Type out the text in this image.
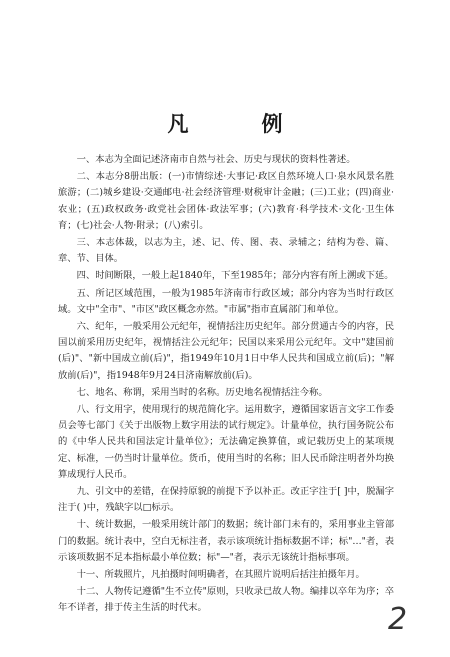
凡　例

一、本志为全面记述济南市自然与社会、历史与现状的资料性著述。

二、本志分8册出版：(一)市情综述·大事记·政区自然环境人口·泉水风景名胜旅游；(二)城乡建设·交通邮电·社会经济管理·财税审计金融；(三)工业；(四)商业·农业；(五)政权政务·政党社会团体·政法军事；(六)教育·科学技术·文化·卫生体育；(七)社会·人物·附录；(八)索引。

三、本志体裁，以志为主，述、记、传、图、表、录辅之；结构为卷、篇、章、节、目体。

四、时间断限，一般上起1840年，下至1985年；部分内容有所上溯或下延。

五、所记区域范围，一般为1985年济南市行政区域；部分内容为当时行政区域。文中"全市"、"市区"政区概念亦然。"市属"指市直属部门和单位。

六、纪年，一般采用公元纪年，视情括注历史纪年。部分贯通古今的内容，民国以前采用历史纪年，视情括注公元纪年；民国以来采用公元纪年。文中"建国前(后)"、"新中国成立前(后)"，指1949年10月1日中华人民共和国成立前(后)；"解放前(后)"，指1948年9月24日济南解放前(后)。

七、地名、称谓，采用当时的名称。历史地名视情括注今称。

八、行文用字，使用现行的规范简化字。运用数字，遵循国家语言文字工作委员会等七部门《关于出版物上数字用法的试行规定》。计量单位，执行国务院公布的《中华人民共和国法定计量单位》；无法确定换算值，或记载历史上的某项规定、标准，一仍当时计量单位。货币，使用当时的名称；旧人民币除注明者外均换算成现行人民币。

九、引文中的差错，在保持原貌的前提下予以补正。改正字注于[ ]中，脱漏字注于( )中，残缺字以□标示。

十、统计数据，一般采用统计部门的数据；统计部门未有的，采用事业主管部门的数据。统计表中，空白无标注者，表示该项统计指标数据不详；标"…"者，表示该项数据不足本指标最小单位数；标"—"者，表示无该统计指标事项。

十一、所载照片，凡拍摄时间明确者，在其照片说明后括注拍摄年月。

十二、人物传记遵循"生不立传"原则，只收录已故人物。编排以卒年为序；卒年不详者，排于传主生活的时代末。	2
